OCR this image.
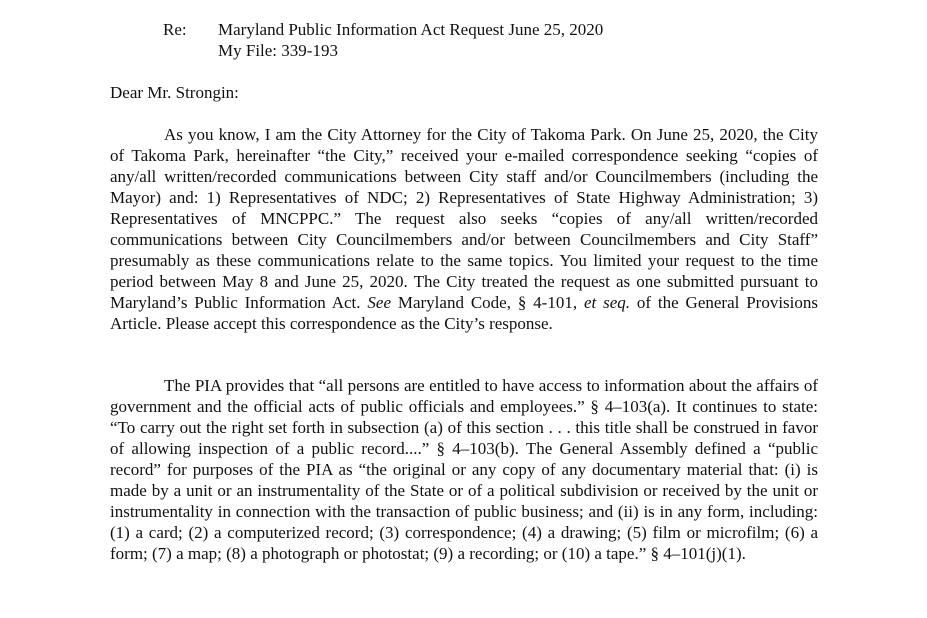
Re:	Maryland Public Information Act Request June 25, 2020
My File: 339-193
Dear Mr. Strongin:

As you know, I am the City Attorney for the City of Takoma Park. On June 25, 2020, the City of Takoma Park, hereinafter “the City,” received your e-mailed correspondence seeking “copies of any/all written/recorded communications between City staff and/or Councilmembers (including the Mayor) and: 1) Representatives of NDC; 2) Representatives of State Highway Administration; 3) Representatives of MNCPPC.” The request also seeks “copies of any/all written/recorded communications between City Councilmembers and/or between Councilmembers and City Staff” presumably as these communications relate to the same topics. You limited your request to the time period between May 8 and June 25, 2020. The City treated the request as one submitted pursuant to Maryland’s Public Information Act. See Maryland Code, § 4-101, et seq. of the General Provisions Article. Please accept this correspondence as the City’s response.

The PIA provides that “all persons are entitled to have access to information about the affairs of government and the official acts of public officials and employees.” § 4–103(a). It continues to state: “To carry out the right set forth in subsection (a) of this section . . . this title shall be construed in favor of allowing inspection of a public record....” § 4–103(b). The General Assembly defined a “public record” for purposes of the PIA as “the original or any copy of any documentary material that: (i) is made by a unit or an instrumentality of the State or of a political subdivision or received by the unit or instrumentality in connection with the transaction of public business; and (ii) is in any form, including: (1) a card; (2) a computerized record; (3) correspondence; (4) a drawing; (5) film or microfilm; (6) a form; (7) a map; (8) a photograph or photostat; (9) a recording; or (10) a tape.” § 4–101(j)(1).
